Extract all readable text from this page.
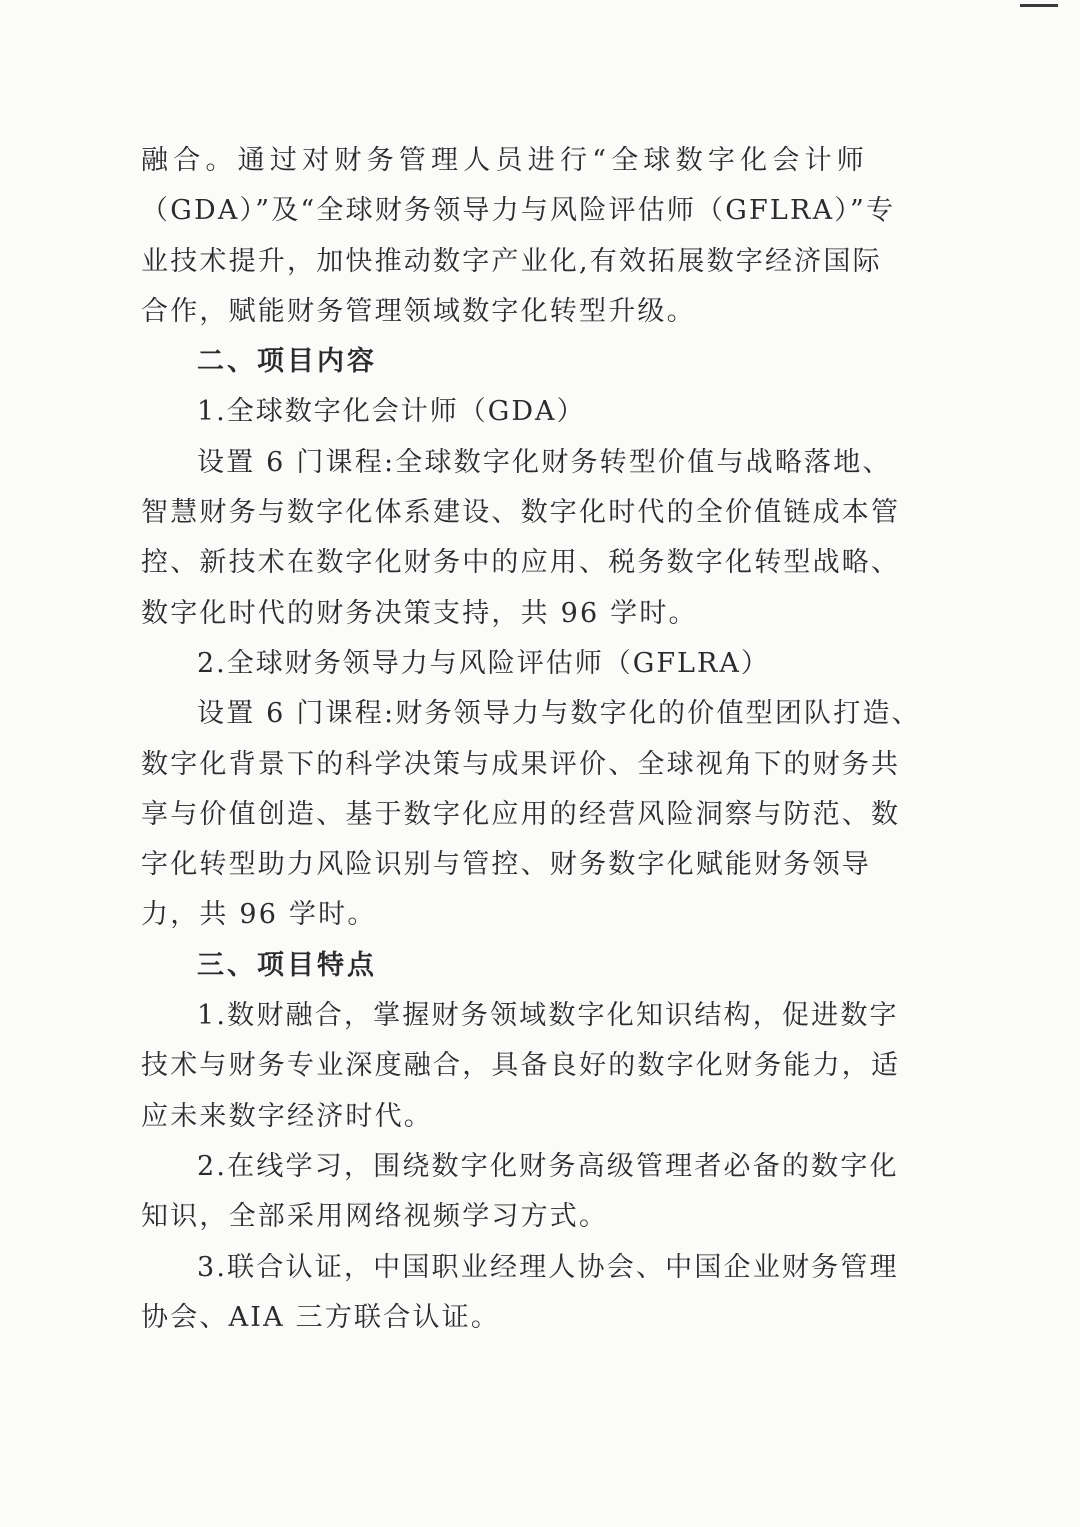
融合。通过对财务管理人员进行“全球数字化会计师
（GDA）”及“全球财务领导力与风险评估师（GFLRA）”专
业技术提升，加快推动数字产业化,有效拓展数字经济国际
合作，赋能财务管理领域数字化转型升级。
二、项目内容
1.全球数字化会计师（GDA）
设置 6 门课程:全球数字化财务转型价值与战略落地、
智慧财务与数字化体系建设、数字化时代的全价值链成本管
控、新技术在数字化财务中的应用、税务数字化转型战略、
数字化时代的财务决策支持，共 96 学时。
2.全球财务领导力与风险评估师（GFLRA）
设置 6 门课程:财务领导力与数字化的价值型团队打造、
数字化背景下的科学决策与成果评价、全球视角下的财务共
享与价值创造、基于数字化应用的经营风险洞察与防范、数
字化转型助力风险识别与管控、财务数字化赋能财务领导
力，共 96 学时。
三、项目特点
1.数财融合，掌握财务领域数字化知识结构，促进数字
技术与财务专业深度融合，具备良好的数字化财务能力，适
应未来数字经济时代。
2.在线学习，围绕数字化财务高级管理者必备的数字化
知识，全部采用网络视频学习方式。
3.联合认证，中国职业经理人协会、中国企业财务管理
协会、AIA 三方联合认证。
